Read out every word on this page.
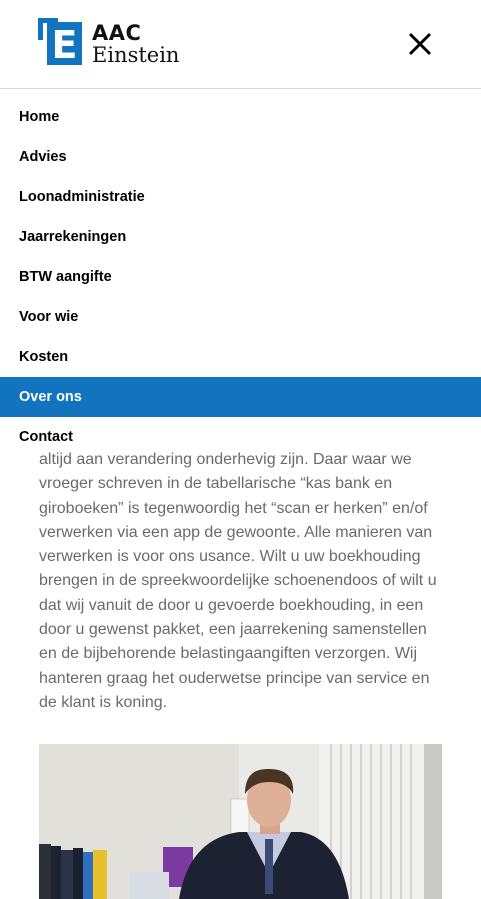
E AAC
Einstein
Home
Advies
Loonadministratie
Jaarrekeningen
BTW aangifte
Voor wie
Kosten
Over ons
Contact
altijd aan verandering onderhevig zijn. Daar waar we vroeger schreven in de tabellarische “kas bank en giroboeken” is tegenwoordig het “scan er herken” en/of verwerken via een app de gewoonte. Alle manieren van verwerken is voor ons usance. Wilt u uw boekhouding brengen in de spreekwoordelijke schoenendoos of wilt u dat wij vanuit de door u gevoerde boekhouding, in een door u gewenst pakket, een jaarrekening samenstellen en de bijbehorende belastingaangiften verzorgen. Wij hanteren graag het ouderwetse principe van service en de klant is koning.
